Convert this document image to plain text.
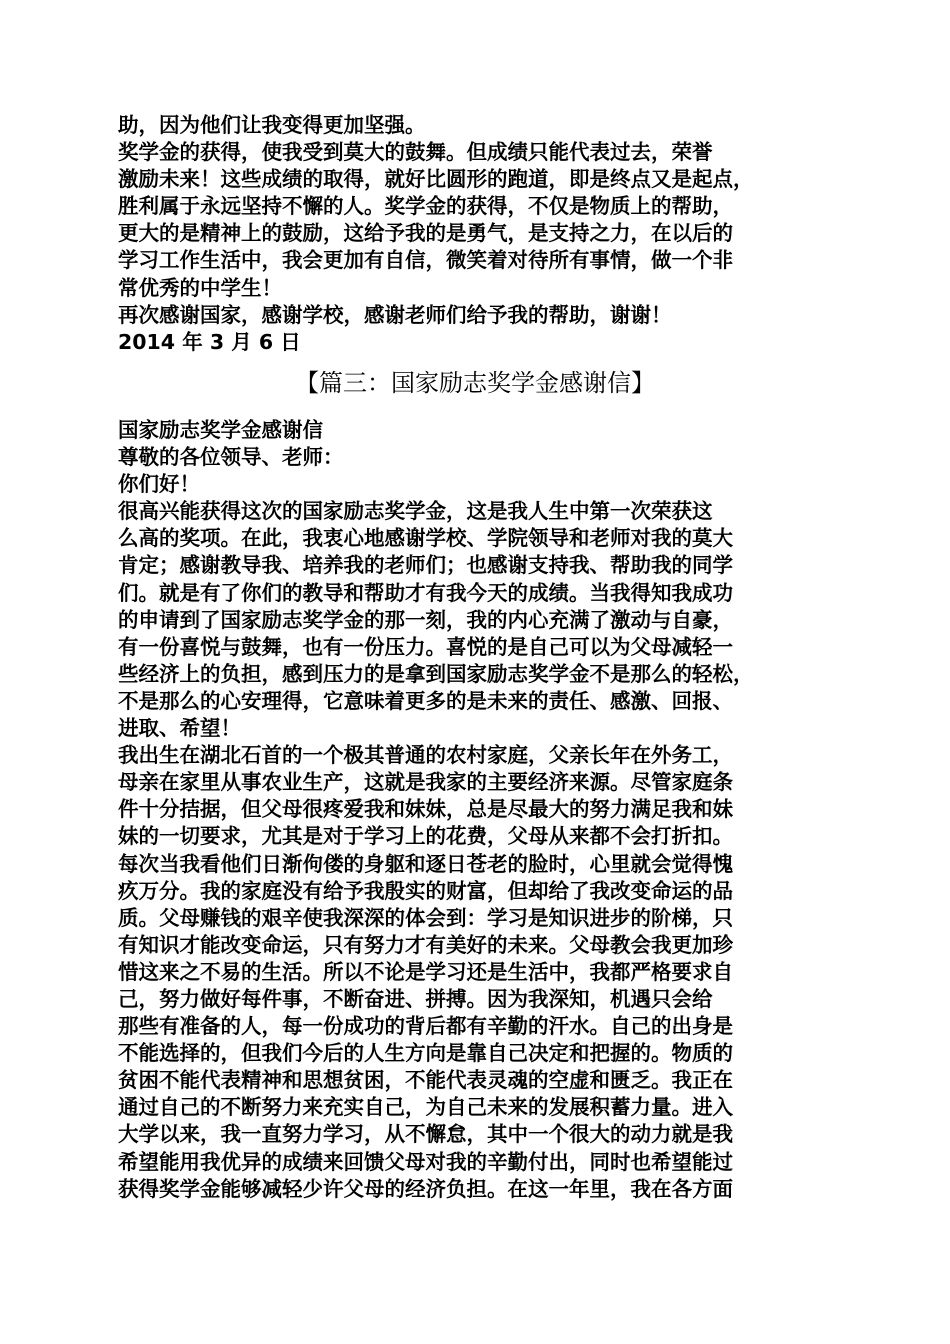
助，因为他们让我变得更加坚强。
奖学金的获得，使我受到莫大的鼓舞。但成绩只能代表过去，荣誉
激励未来！这些成绩的取得，就好比圆形的跑道，即是终点又是起点，
胜利属于永远坚持不懈的人。奖学金的获得，不仅是物质上的帮助，
更大的是精神上的鼓励，这给予我的是勇气，是支持之力，在以后的
学习工作生活中，我会更加有自信，微笑着对待所有事情，做一个非
常优秀的中学生！
再次感谢国家，感谢学校，感谢老师们给予我的帮助，谢谢！
2014 年 3 月 6 日
【篇三：国家励志奖学金感谢信】
国家励志奖学金感谢信
尊敬的各位领导、老师：
你们好！
很高兴能获得这次的国家励志奖学金，这是我人生中第一次荣获这
么高的奖项。在此，我衷心地感谢学校、学院领导和老师对我的莫大
肯定；感谢教导我、培养我的老师们；也感谢支持我、帮助我的同学
们。就是有了你们的教导和帮助才有我今天的成绩。当我得知我成功
的申请到了国家励志奖学金的那一刻，我的内心充满了激动与自豪，
有一份喜悦与鼓舞，也有一份压力。喜悦的是自己可以为父母减轻一
些经济上的负担，感到压力的是拿到国家励志奖学金不是那么的轻松，
不是那么的心安理得，它意味着更多的是未来的责任、感激、回报、
进取、希望！
我出生在湖北石首的一个极其普通的农村家庭，父亲长年在外务工，
母亲在家里从事农业生产，这就是我家的主要经济来源。尽管家庭条
件十分拮据，但父母很疼爱我和妹妹，总是尽最大的努力满足我和妹
妹的一切要求，尤其是对于学习上的花费，父母从来都不会打折扣。
每次当我看他们日渐佝偻的身躯和逐日苍老的脸时，心里就会觉得愧
疚万分。我的家庭没有给予我殷实的财富，但却给了我改变命运的品
质。父母赚钱的艰辛使我深深的体会到：学习是知识进步的阶梯，只
有知识才能改变命运，只有努力才有美好的未来。父母教会我更加珍
惜这来之不易的生活。所以不论是学习还是生活中，我都严格要求自
己，努力做好每件事，不断奋进、拼搏。因为我深知，机遇只会给
那些有准备的人，每一份成功的背后都有辛勤的汗水。自己的出身是
不能选择的，但我们今后的人生方向是靠自己决定和把握的。物质的
贫困不能代表精神和思想贫困，不能代表灵魂的空虚和匮乏。我正在
通过自己的不断努力来充实自己，为自己未来的发展积蓄力量。进入
大学以来，我一直努力学习，从不懈怠，其中一个很大的动力就是我
希望能用我优异的成绩来回馈父母对我的辛勤付出，同时也希望能过
获得奖学金能够减轻少许父母的经济负担。在这一年里，我在各方面
